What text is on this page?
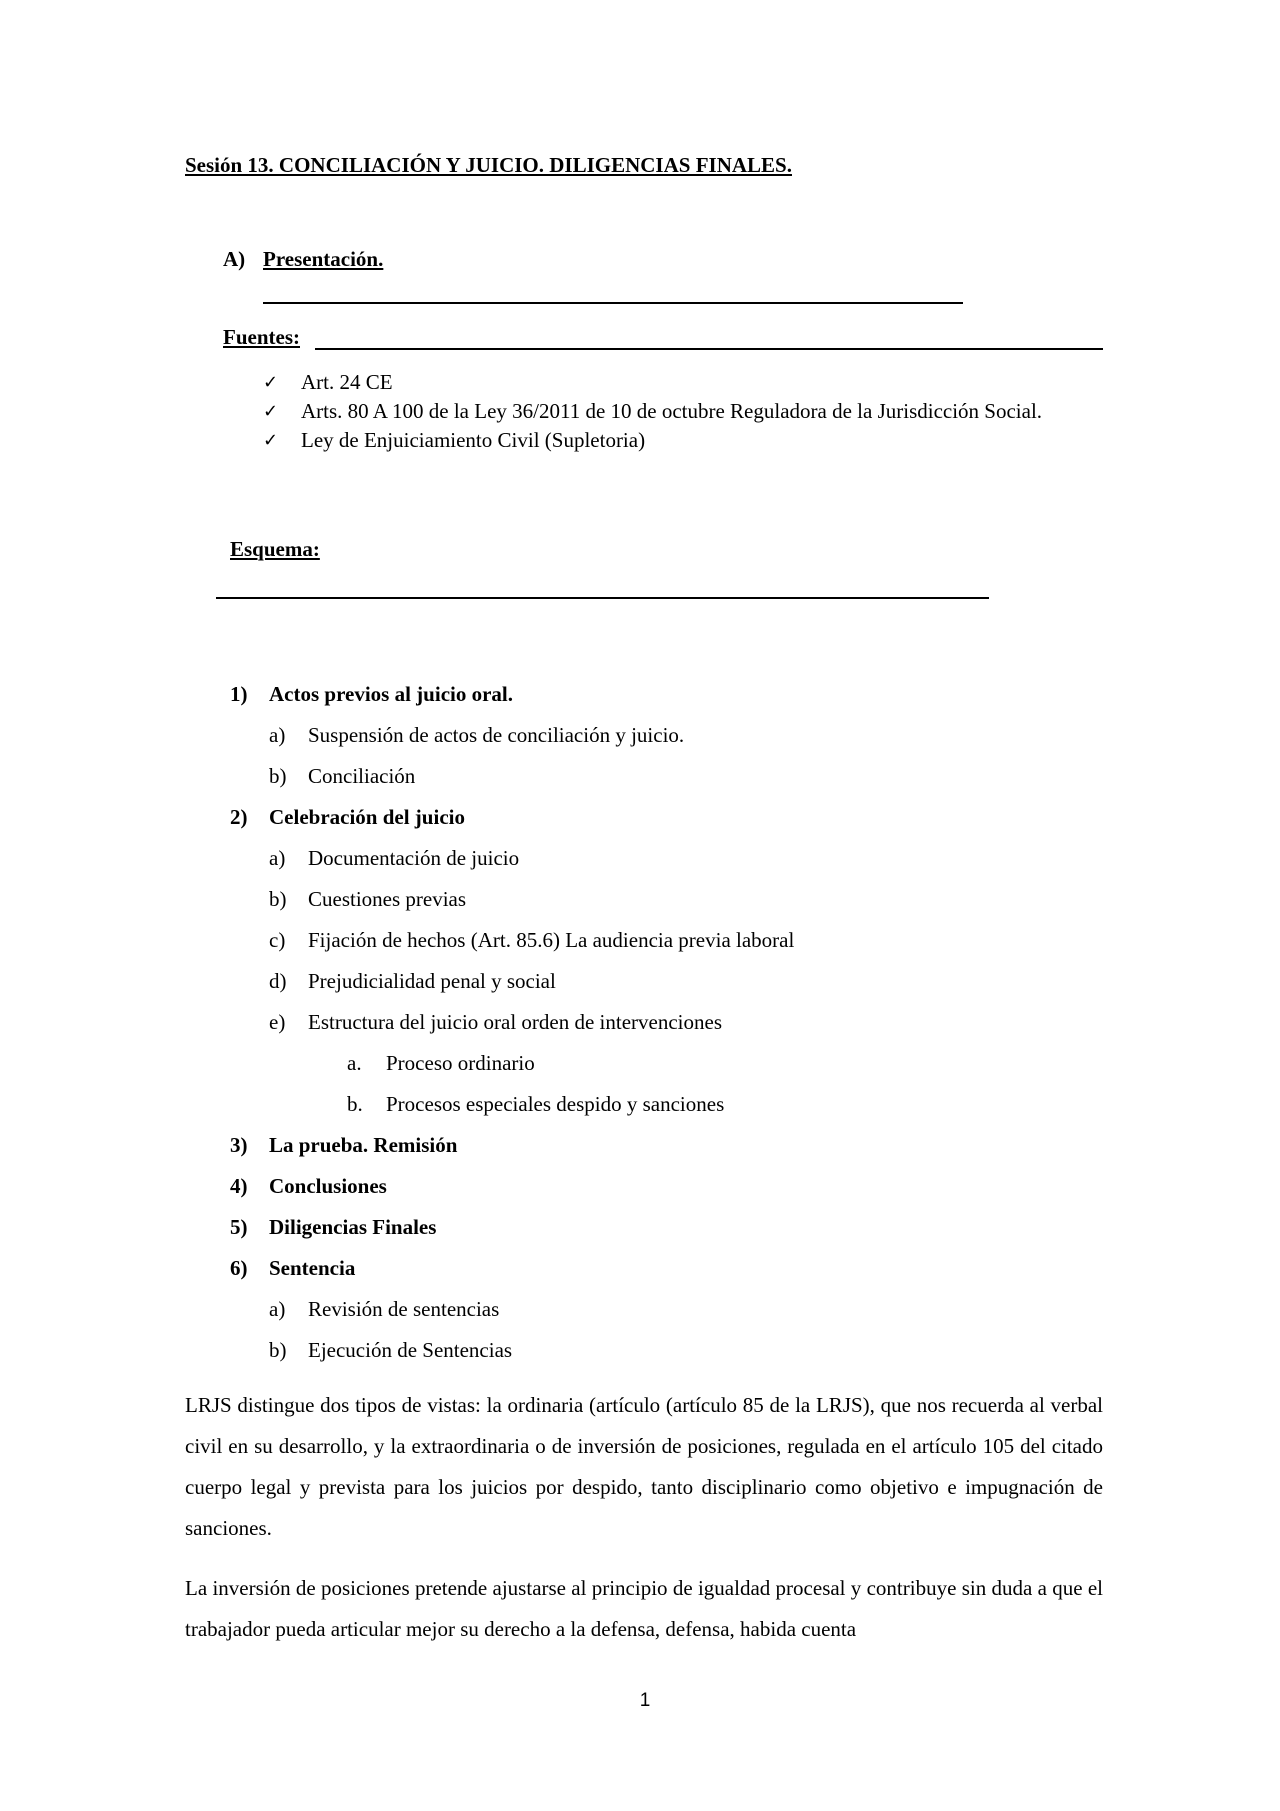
Sesión 13. CONCILIACIÓN Y JUICIO. DILIGENCIAS FINALES.
A) Presentación.
Fuentes:
✓ Art. 24 CE
✓ Arts. 80 A 100 de la Ley 36/2011 de 10 de octubre Reguladora de la Jurisdicción Social.
✓ Ley de Enjuiciamiento Civil (Supletoria)
Esquema:
1) Actos previos al juicio oral.
a) Suspensión de actos de conciliación y juicio.
b) Conciliación
2) Celebración del juicio
a) Documentación de juicio
b) Cuestiones previas
c) Fijación de hechos (Art. 85.6) La audiencia previa laboral
d) Prejudicialidad penal y social
e) Estructura del juicio oral orden de intervenciones
a. Proceso ordinario
b. Procesos especiales despido y sanciones
3) La prueba. Remisión
4) Conclusiones
5) Diligencias Finales
6) Sentencia
a) Revisión de sentencias
b) Ejecución de Sentencias
LRJS distingue dos tipos de vistas: la ordinaria (artículo (artículo 85 de la LRJS), que nos recuerda al verbal civil en su desarrollo, y la extraordinaria o de inversión de posiciones, regulada en el artículo 105 del citado cuerpo legal y prevista para los juicios por despido, tanto disciplinario como objetivo e impugnación de sanciones.
La inversión de posiciones pretende ajustarse al principio de igualdad procesal y contribuye sin duda a que el trabajador pueda articular mejor su derecho a la defensa, defensa, habida cuenta
1
